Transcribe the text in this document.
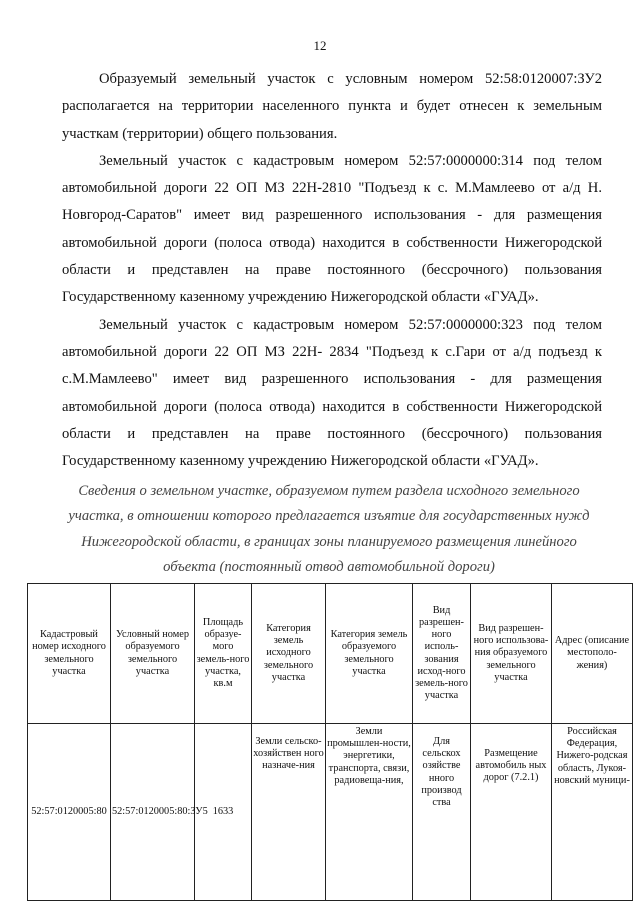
12

Образуемый земельный участок с условным номером 52:58:0120007:ЗУ2 располагается на территории населенного пункта и будет отнесен к земельным участкам (территории) общего пользования.

Земельный участок с кадастровым номером 52:57:0000000:314 под телом автомобильной дороги 22 ОП МЗ 22Н-2810 "Подъезд к с. М.Мамлеево от а/д Н. Новгород-Саратов" имеет вид разрешенного использования - для размещения автомобильной дороги (полоса отвода) находится в собственности Нижегородской области и представлен на праве постоянного (бессрочного) пользования Государственному казенному учреждению Нижегородской области «ГУАД».

Земельный участок с кадастровым номером 52:57:0000000:323 под телом автомобильной дороги 22 ОП МЗ 22Н- 2834 "Подъезд к с.Гари от а/д подъезд к с.М.Мамлеево" имеет вид разрешенного использования - для размещения автомобильной дороги (полоса отвода) находится в собственности Нижегородской области и представлен на праве постоянного (бессрочного) пользования Государственному казенному учреждению Нижегородской области «ГУАД».

Сведения о земельном участке, образуемом путем раздела исходного земельного участка, в отношении которого предлагается изъятие для государственных нужд Нижегородской области, в границах зоны планируемого размещения линейного объекта (постоянный отвод автомобильной дороги)
Кадастровый номер исходного земельного участка	Условный номер образуемого земельного участка	Площадь образуе-мого земель-ного участка, кв.м	Категория земель исходного земельного участка	Категория земель образуемого земельного участка	Вид разрешен-ного исполь-зования исход-ного земель-ного участка	Вид разрешен-ного использова-ния образуемого земельного участка	Адрес (описание местополо-жения)
52:57:0120005:80	52:57:0120005:80:ЗУ5	1633	Земли сельско-хозяйствен ного назначе-ния	Земли промышлен-ности, энергетики, транспорта, связи, радиовеща-ния,	Для сельскох озяйстве нного производ ства	Размещение автомобиль ных дорог (7.2.1)	Российская Федерация, Нижего-родская область, Лукоя-новский муници-
